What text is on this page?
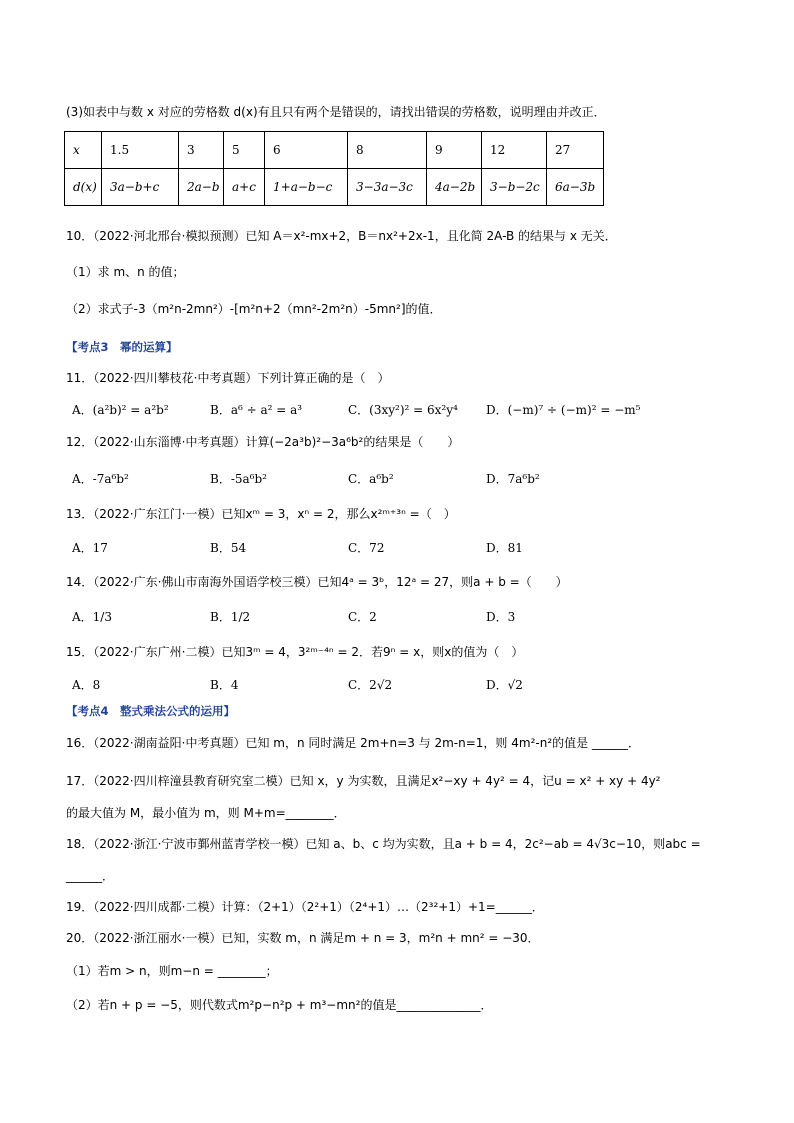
(3)如表中与数 x 对应的劳格数 d(x)有且只有两个是错误的，请找出错误的劳格数，说明理由并改正．
x	1.5	3	5	6	8	9	12	27
d(x)	3a−b+c	2a−b	a+c	1+a−b−c	3−3a−3c	4a−2b	3−b−2c	6a−3b
10．（2022·河北邢台·模拟预测）已知 A＝x²-mx+2，B＝nx²+2x-1，且化简 2A-B 的结果与 x 无关．
（1）求 m、n 的值；
（2）求式子-3（m²n-2mn²）-[m²n+2（mn²-2m²n）-5mn²]的值．
【考点3　幂的运算】
11．（2022·四川攀枝花·中考真题）下列计算正确的是（　）
A．(a²b)² = a²b²	B．a⁶ ÷ a² = a³	C．(3xy²)² = 6x²y⁴ D．(−m)⁷ ÷ (−m)² = −m⁵
12．（2022·山东淄博·中考真题）计算(−2a³b)²−3a⁶b²的结果是（　　）
A．-7a⁶b²	B．-5a⁶b²	C．a⁶b²	D．7a⁶b²
13．（2022·广东江门·一模）已知xᵐ = 3，xⁿ = 2，那么x²ᵐ⁺³ⁿ =（　）
A．17	B．54	C．72	D．81
14．（2022·广东·佛山市南海外国语学校三模）已知4ᵃ = 3ᵇ，12ᵃ = 27，则a + b =（　　）
A．1/3	B．1/2	C．2	D．3
15．（2022·广东广州·二模）已知3ᵐ = 4，3²ᵐ⁻⁴ⁿ = 2．若9ⁿ = x，则x的值为（　）
A．8	B．4	C．2√2	D．√2
【考点4　整式乘法公式的运用】
16．（2022·湖南益阳·中考真题）已知 m，n 同时满足 2m+n=3 与 2m-n=1，则 4m²-n²的值是 ______．
17．（2022·四川梓潼县教育研究室二模）已知 x，y 为实数，且满足x²−xy + 4y² = 4，记u = x² + xy + 4y²
的最大值为 M，最小值为 m，则 M+m=________．
18．（2022·浙江·宁波市鄞州蓝青学校一模）已知 a、b、c 均为实数，且a + b = 4，2c²−ab = 4√3c−10，则abc =
______．
19．（2022·四川成都·二模）计算：（2+1）（2²+1）（2⁴+1）…（2³²+1）+1=______．
20．（2022·浙江丽水·一模）已知，实数 m，n 满足m + n = 3，m²n + mn² = −30．
（1）若m > n，则m−n = ________；
（2）若n + p = −5，则代数式m²p−n²p + m³−mn²的值是______________．
